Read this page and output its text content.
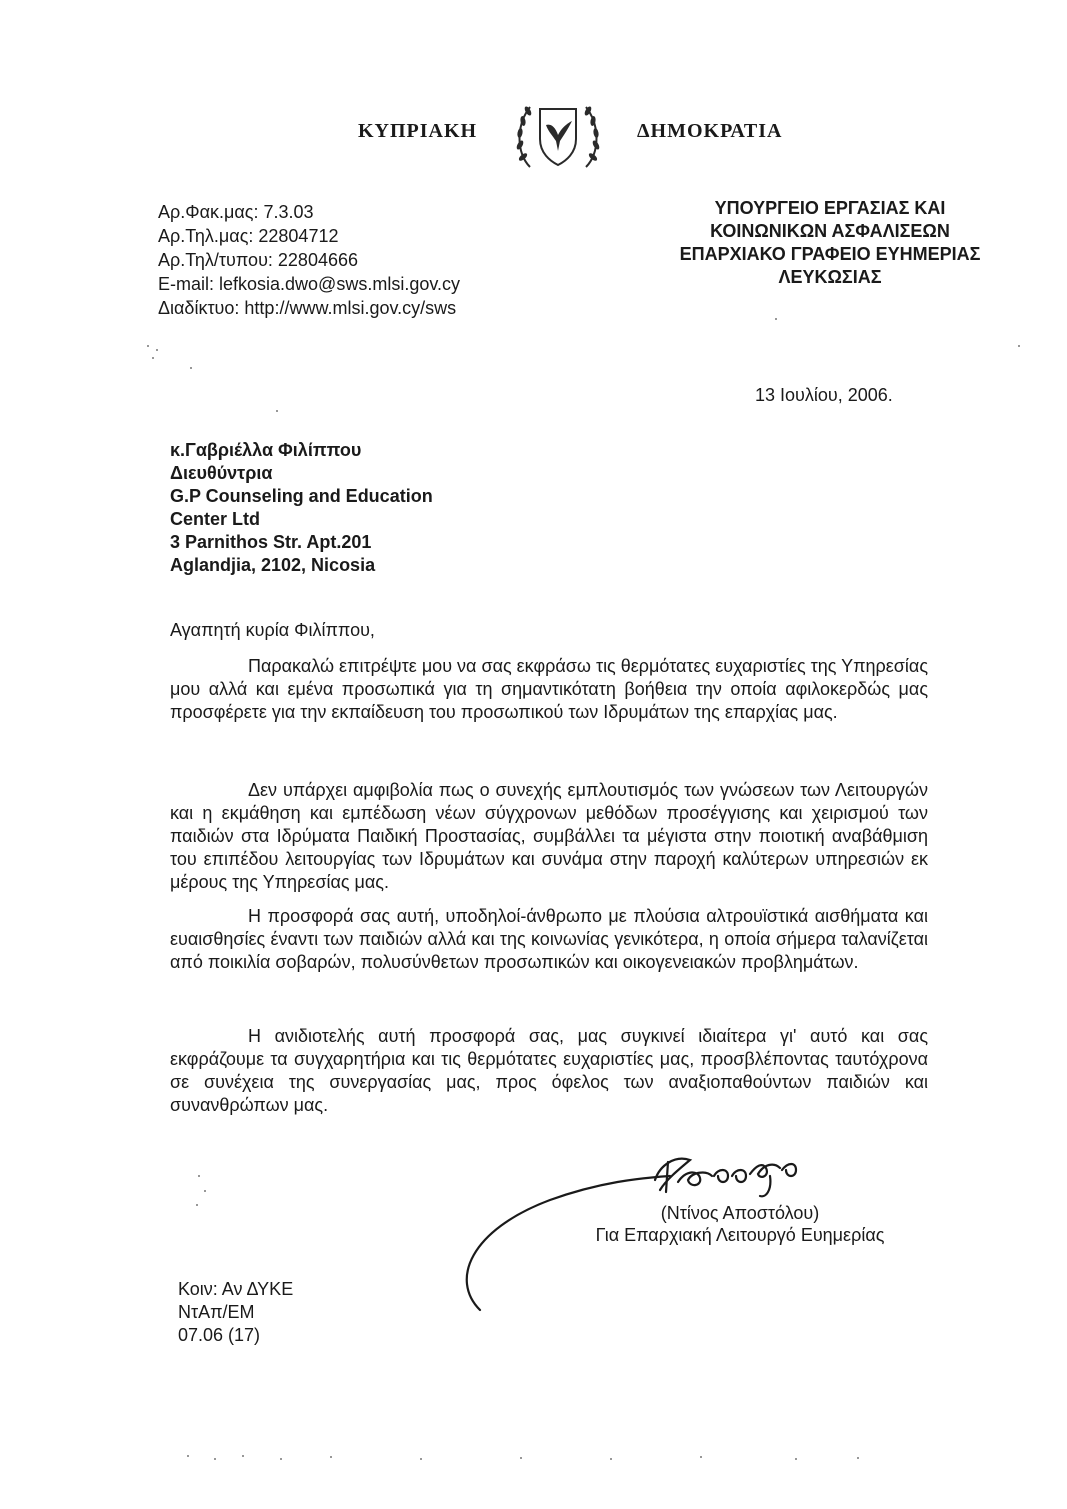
ΚΥΠΡΙΑΚΗ	ΔΗΜΟΚΡΑΤΙΑ
Αρ.Φακ.μας: 7.3.03
Αρ.Τηλ.μας: 22804712
Αρ.Τηλ/τυπου: 22804666
E-mail: lefkosia.dwo@sws.mlsi.gov.cy
Διαδίκτυο: http://www.mlsi.gov.cy/sws
ΥΠΟΥΡΓΕΙΟ ΕΡΓΑΣΙΑΣ ΚΑΙ
ΚΟΙΝΩΝΙΚΩΝ ΑΣΦΑΛΙΣΕΩΝ
ΕΠΑΡΧΙΑΚΟ ΓΡΑΦΕΙΟ ΕΥΗΜΕΡΙΑΣ
ΛΕΥΚΩΣΙΑΣ
13 Ιουλίου, 2006.
κ.Γαβριέλλα Φιλίππου
Διευθύντρια
G.P Counseling and Education
Center Ltd
3 Parnithos Str. Apt.201
Aglandjia, 2102, Nicosia
Αγαπητή κυρία Φιλίππου,

Παρακαλώ επιτρέψτε μου να σας εκφράσω τις θερμότατες ευχαριστίες της Υπηρεσίας μου αλλά και εμένα προσωπικά για τη σημαντικότατη βοήθεια την οποία αφιλοκερδώς μας προσφέρετε για την εκπαίδευση του προσωπικού των Ιδρυμάτων της επαρχίας μας.

Δεν υπάρχει αμφιβολία πως ο συνεχής εμπλουτισμός των γνώσεων των Λειτουργών και η εκμάθηση και εμπέδωση νέων σύγχρονων μεθόδων προσέγγισης και χειρισμού των παιδιών στα Ιδρύματα Παιδική Προστασίας, συμβάλλει τα μέγιστα στην ποιοτική αναβάθμιση του επιπέδου λειτουργίας των Ιδρυμάτων και συνάμα στην παροχή καλύτερων υπηρεσιών εκ μέρους της Υπηρεσίας μας.

Η προσφορά σας αυτή, υποδηλοί-άνθρωπο με πλούσια αλτρουϊστικά αισθήματα και ευαισθησίες έναντι των παιδιών αλλά και της κοινωνίας γενικότερα, η οποία σήμερα ταλανίζεται από ποικιλία σοβαρών, πολυσύνθετων προσωπικών και οικογενειακών προβλημάτων.

Η ανιδιοτελής αυτή προσφορά σας, μας συγκινεί ιδιαίτερα γι' αυτό και σας εκφράζουμε τα συγχαρητήρια και τις θερμότατες ευχαριστίες μας, προσβλέποντας ταυτόχρονα σε συνέχεια της συνεργασίας μας, προς όφελος των αναξιοπαθούντων παιδιών και συνανθρώπων μας.

(Ντίνος Αποστόλου)
Για Επαρχιακή Λειτουργό Ευημερίας
Κοιν: Αν ΔΥΚΕ
ΝτΑπ/ΕΜ
07.06 (17)
